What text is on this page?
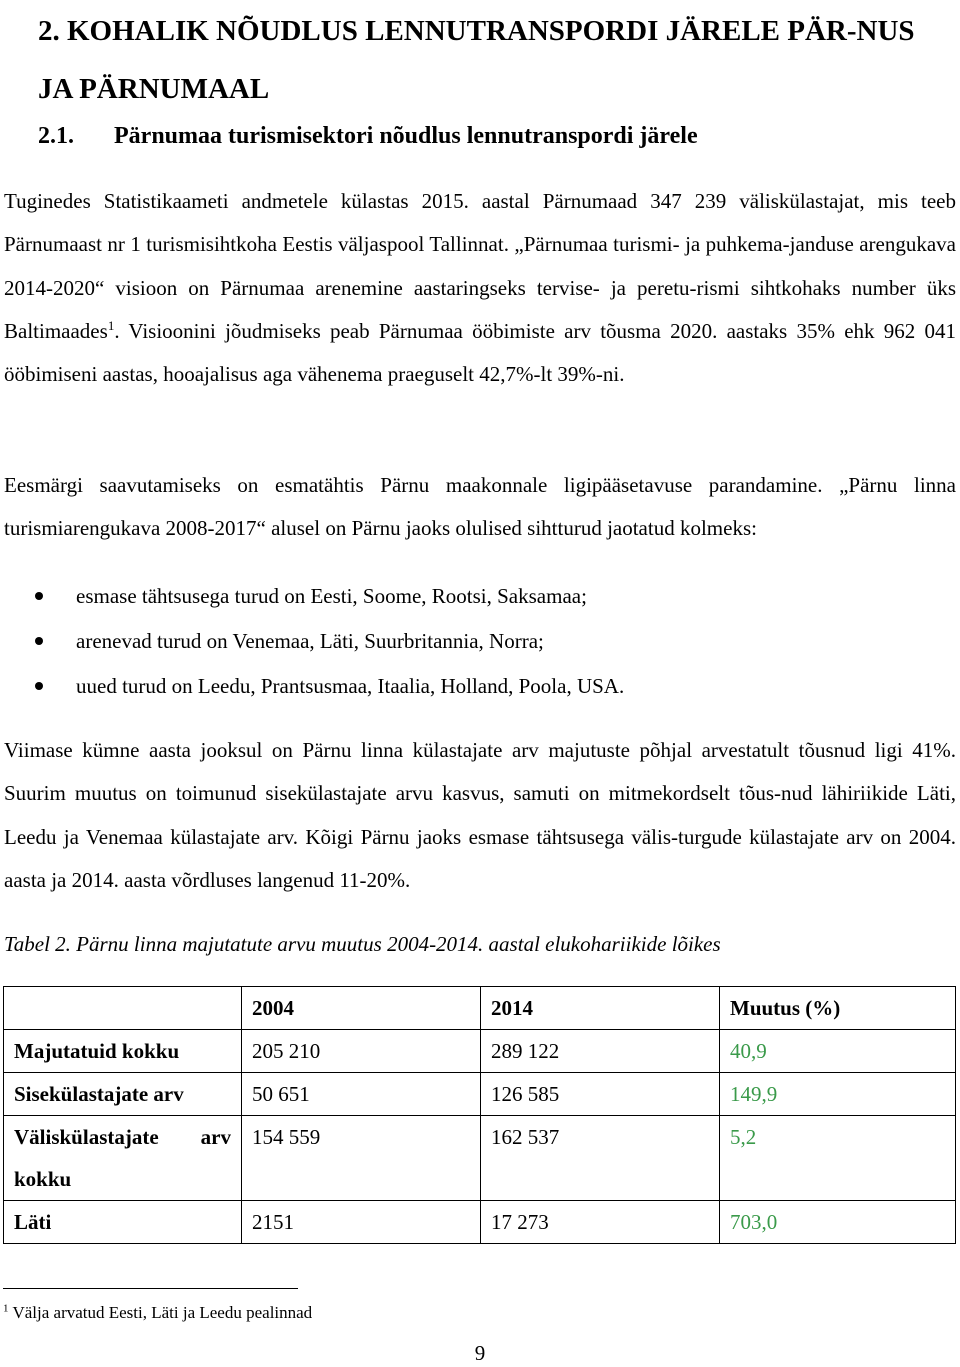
2. KOHALIK NÕUDLUS LENNUTRANSPORDI JÄRELE PÄR-NUS JA PÄRNUMAAL
2.1. Pärnumaa turismisektori nõudlus lennutranspordi järele
Tuginedes Statistikaameti andmetele külastas 2015. aastal Pärnumaad 347 239 väliskülastajat, mis teeb Pärnumaast nr 1 turismisihtkoha Eestis väljaspool Tallinnat. „Pärnumaa turismi- ja puhkema-janduse arengukava 2014-2020“ visioon on Pärnumaa arenemine aastaringseks tervise- ja peretu-rismi sihtkohaks number üks Baltimaades$^1$. Visioonini jõudmiseks peab Pärnumaa ööbimiste arv tõusma 2020. aastaks 35% ehk 962 041 ööbimiseni aastas, hooajalisus aga vähenema praeguselt 42,7%-lt 39%-ni.
Eesmärgi saavutamiseks on esmatähtis Pärnu maakonnale ligipääsetavuse parandamine. „Pärnu linna turismiarengukava 2008-2017“ alusel on Pärnu jaoks olulised sihtturud jaotatud kolmeks:
esmase tähtsusega turud on Eesti, Soome, Rootsi, Saksamaa;
arenevad turud on Venemaa, Läti, Suurbritannia, Norra;
uued turud on Leedu, Prantsusmaa, Itaalia, Holland, Poola, USA.
Viimase kümne aasta jooksul on Pärnu linna külastajate arv majutuste põhjal arvestatult tõusnud ligi 41%. Suurim muutus on toimunud sisekülastajate arvu kasvus, samuti on mitmekordselt tõus-nud lähiriikide Läti, Leedu ja Venemaa külastajate arv. Kõigi Pärnu jaoks esmase tähtsusega välis-turgude külastajate arv on 2004. aasta ja 2014. aasta võrdluses langenud 11-20%.
Tabel 2. Pärnu linna majutatute arvu muutus 2004-2014. aastal elukohariikide lõikes
	2004	2014	Muutus (%)
Majutatuid kokku	205 210	289 122	40,9
Sisekülastajate arv	50 651	126 585	149,9
Väliskülastajate arv kokku	154 559	162 537	5,2
Läti	2151	17 273	703,0
$^1$ Välja arvatud Eesti, Läti ja Leedu pealinnad
9
